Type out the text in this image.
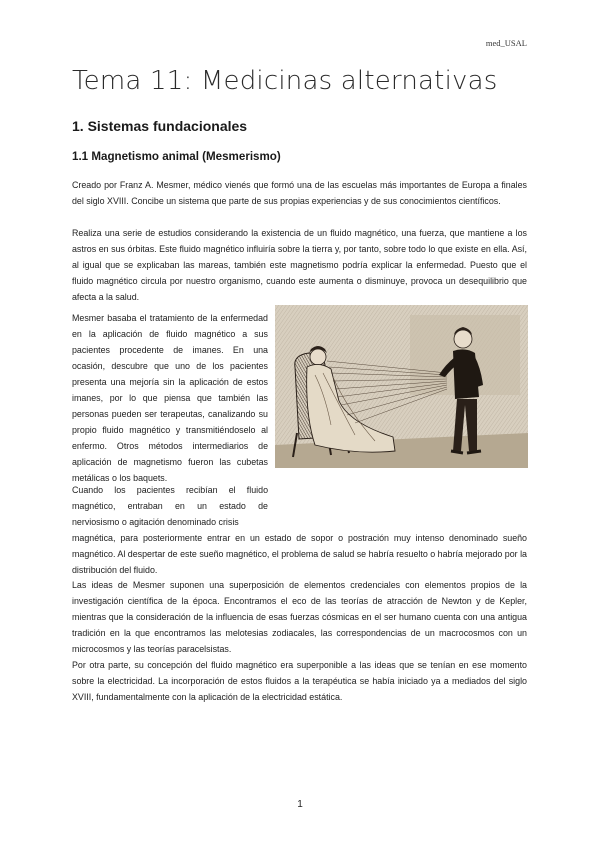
med_USAL
Tema 11: Medicinas alternativas
1. Sistemas fundacionales
1.1 Magnetismo animal (Mesmerismo)

Creado por Franz A. Mesmer, médico vienés que formó una de las escuelas más importantes de Europa a finales del siglo XVIII. Concibe un sistema que parte de sus propias experiencias y de sus conocimientos científicos.

Realiza una serie de estudios considerando la existencia de un fluido magnético, una fuerza, que mantiene a los astros en sus órbitas. Este fluido magnético influiría sobre la tierra y, por tanto, sobre todo lo que existe en ella. Así, al igual que se explicaban las mareas, también este magnetismo podría explicar la enfermedad. Puesto que el fluido magnético circula por nuestro organismo, cuando este aumenta o disminuye, provoca un desequilibrio que afecta a la salud.

Mesmer basaba el tratamiento de la enfermedad en la aplicación de fluido magnético a sus pacientes procedente de imanes. En una ocasión, descubre que uno de los pacientes presenta una mejoría sin la aplicación de estos imanes, por lo que piensa que también las personas pueden ser terapeutas, canalizando su propio fluido magnético y transmitiéndoselo al enfermo. Otros métodos intermediarios de aplicación de magnetismo fueron las cubetas metálicas o los baquets.

Cuando los pacientes recibían el fluido magnético, entraban en un estado de nerviosismo o agitación denominado crisis

magnética, para posteriormente entrar en un estado de sopor o postración muy intenso denominado sueño magnético. Al despertar de este sueño magnético, el problema de salud se habría resuelto o habría mejorado por la distribución del fluido.

Las ideas de Mesmer suponen una superposición de elementos credenciales con elementos propios de la investigación científica de la época. Encontramos el eco de las teorías de atracción de Newton y de Kepler, mientras que la consideración de la influencia de esas fuerzas cósmicas en el ser humano cuenta con una antigua tradición en la que encontramos las melotesias zodiacales, las correspondencias de un macrocosmos con un microcosmos y las teorías paracelsistas.

Por otra parte, su concepción del fluido magnético era superponible a las ideas que se tenían en ese momento sobre la electricidad. La incorporación de estos fluidos a la terapéutica se había iniciado ya a mediados del siglo XVIII, fundamentalmente con la aplicación de la electricidad estática.

1
